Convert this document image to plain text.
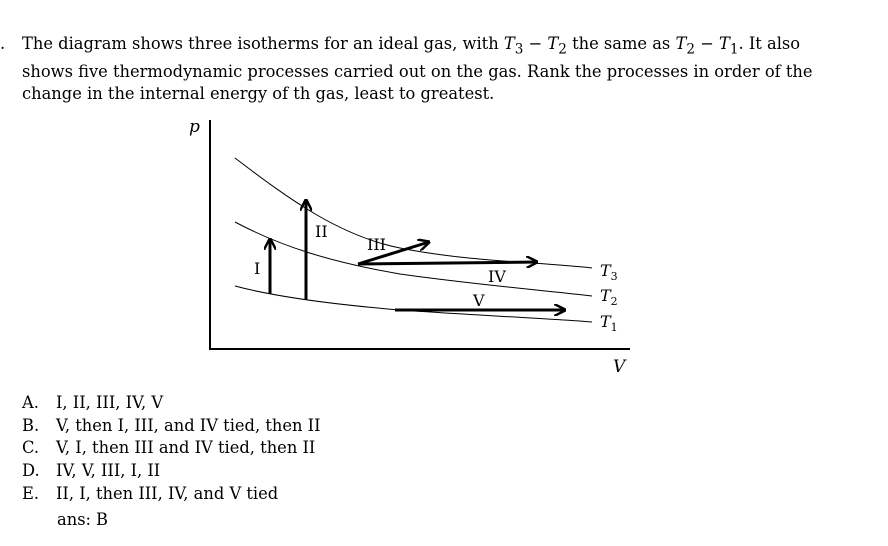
. The diagram shows three isotherms for an ideal gas, with $T_3 - T_2$ the same as $T_2 - T_1$. It also shows five thermodynamic processes carried out on the gas. Rank the processes in order of the change in the internal energy of th gas, least to greatest.
p
V
$T_3$
$T_2$
$T_1$
I
II
III
IV
V
A.	I, II, III, IV, V
B.	V, then I, III, and IV tied, then II
C.	V, I, then III and IV tied, then II
D.	IV, V, III, I, II
E.	II, I, then III, IV, and V tied
ans: B
